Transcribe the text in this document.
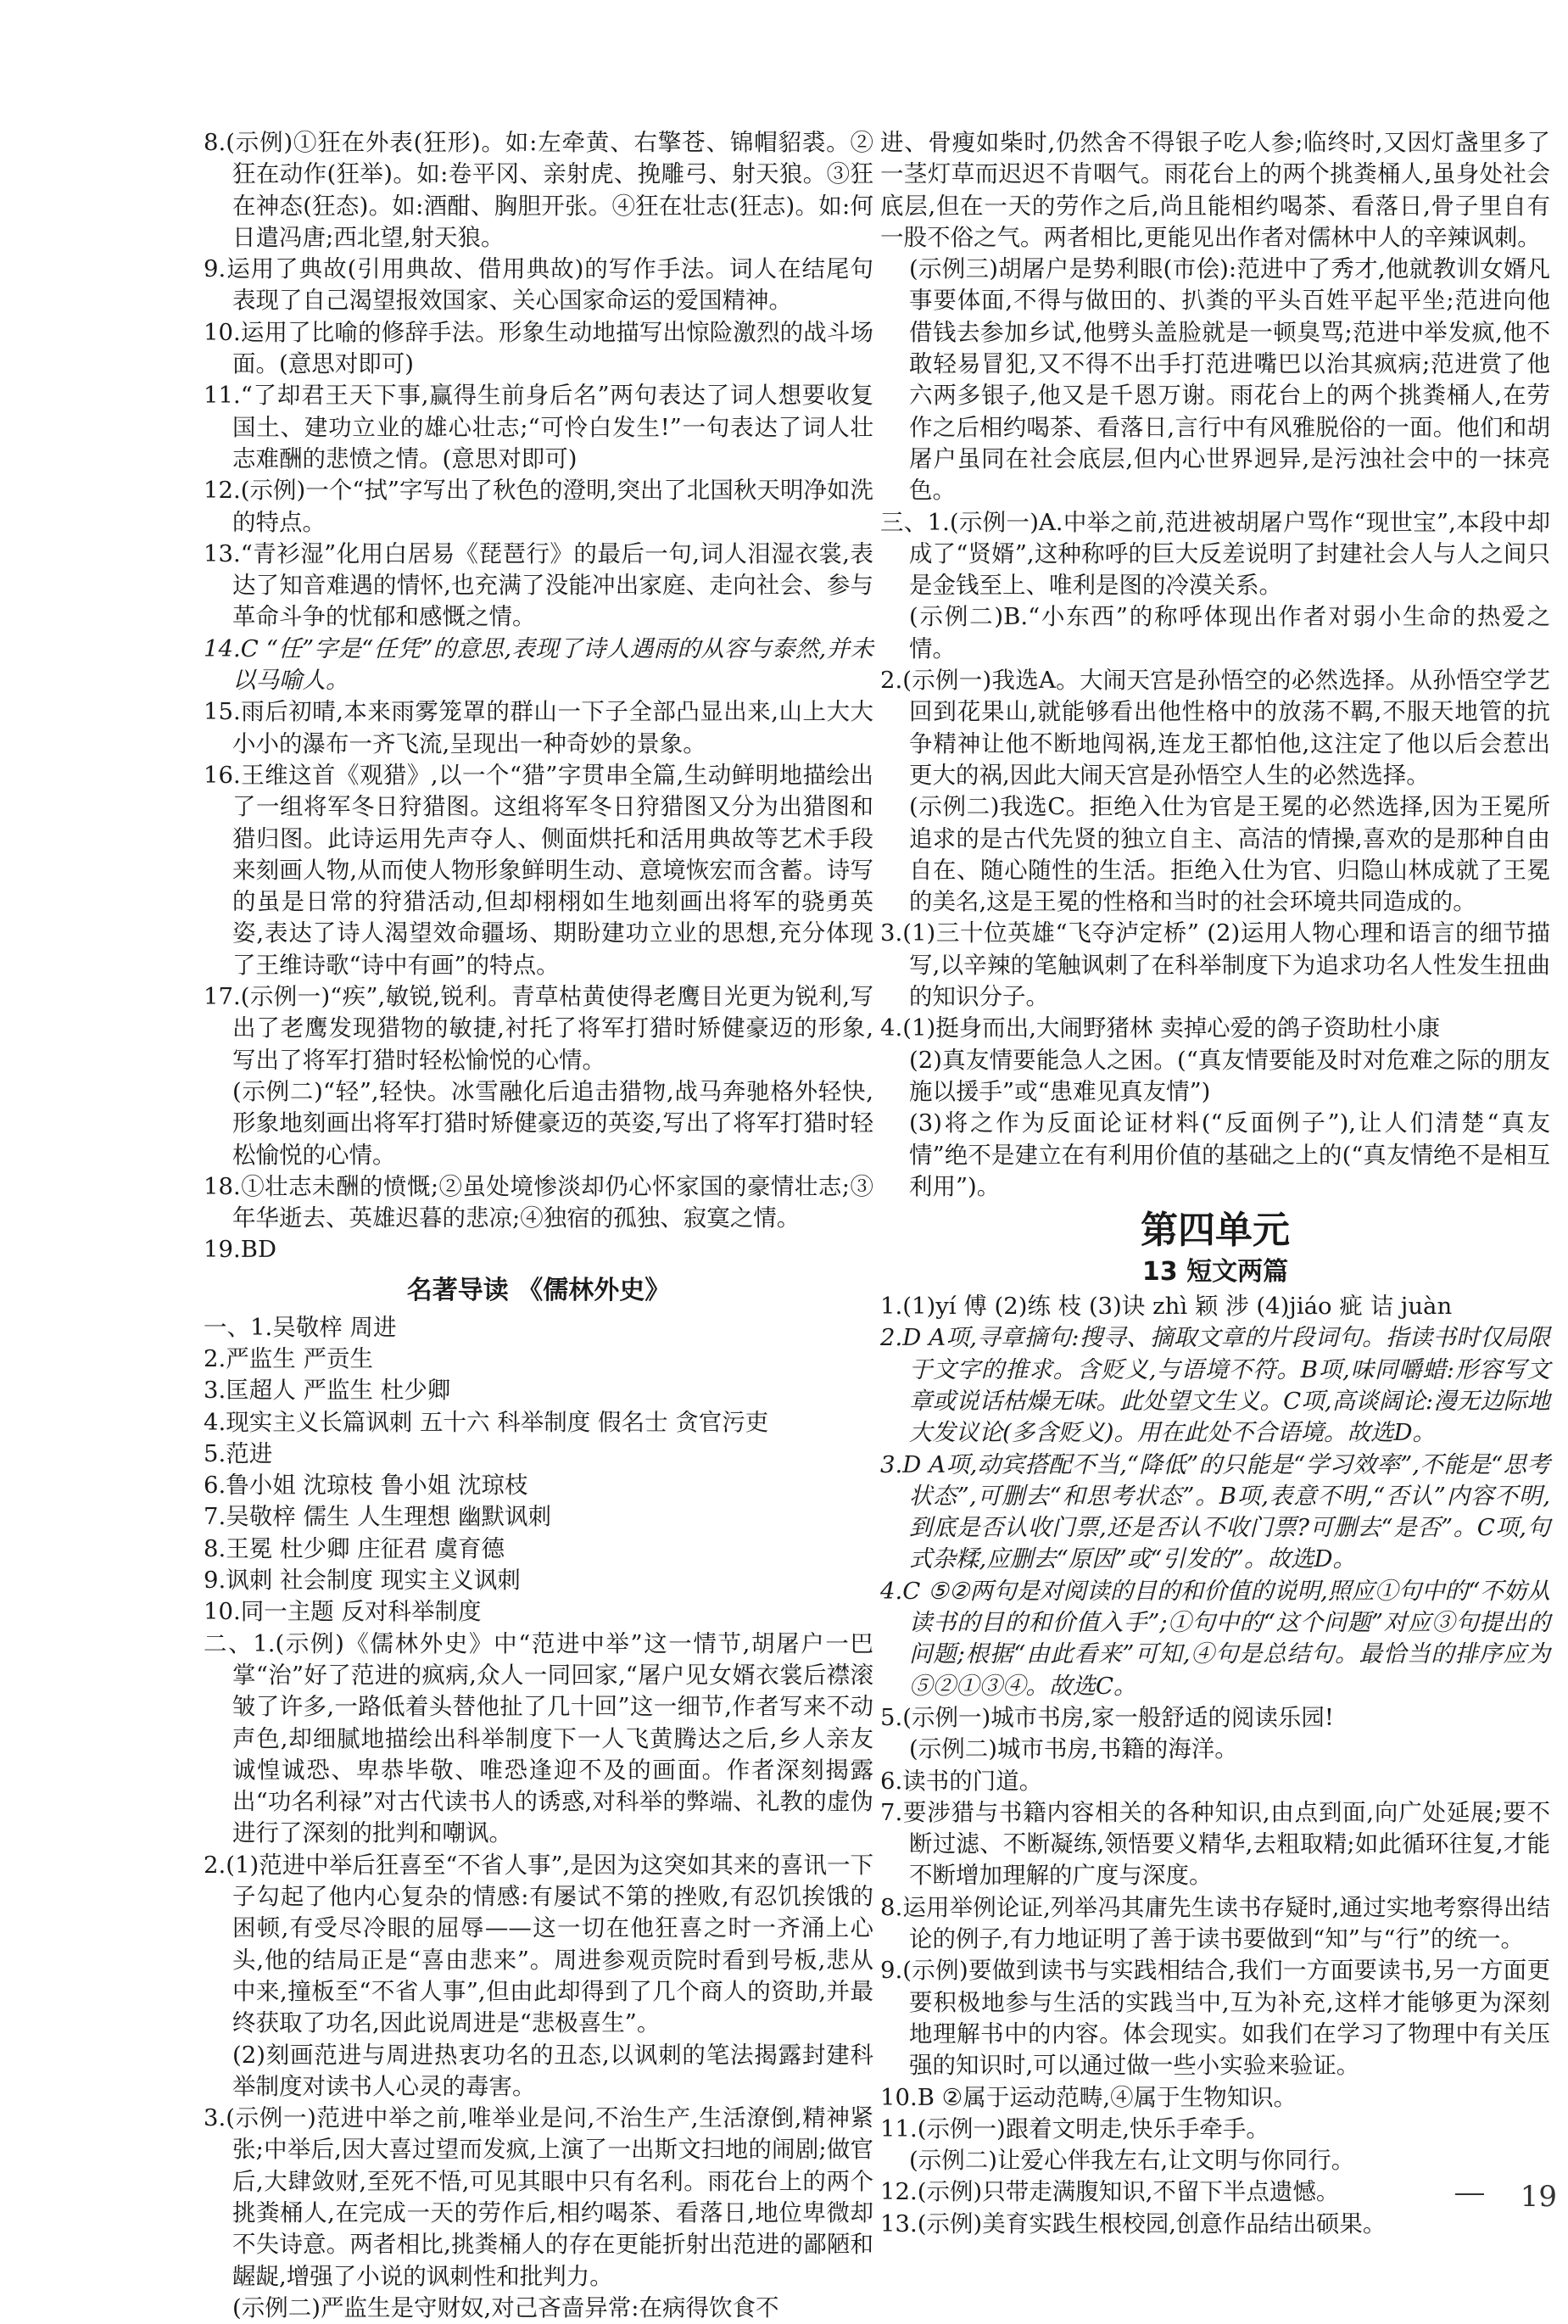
8.(示例)①狂在外表(狂形)。如:左牵黄、右擎苍、锦帽貂裘。②狂在动作(狂举)。如:卷平冈、亲射虎、挽雕弓、射天狼。③狂在神态(狂态)。如:酒酣、胸胆开张。④狂在壮志(狂志)。如:何日遣冯唐;西北望,射天狼。

9.运用了典故(引用典故、借用典故)的写作手法。词人在结尾句表现了自己渴望报效国家、关心国家命运的爱国精神。

10.运用了比喻的修辞手法。形象生动地描写出惊险激烈的战斗场面。(意思对即可)

11.“了却君王天下事,赢得生前身后名”两句表达了词人想要收复国土、建功立业的雄心壮志;“可怜白发生!”一句表达了词人壮志难酬的悲愤之情。(意思对即可)

12.(示例)一个“拭”字写出了秋色的澄明,突出了北国秋天明净如洗的特点。

13.“青衫湿”化用白居易《琵琶行》的最后一句,词人泪湿衣裳,表达了知音难遇的情怀,也充满了没能冲出家庭、走向社会、参与革命斗争的忧郁和感慨之情。

14.C “任”字是“任凭”的意思,表现了诗人遇雨的从容与泰然,并未以马喻人。

15.雨后初晴,本来雨雾笼罩的群山一下子全部凸显出来,山上大大小小的瀑布一齐飞流,呈现出一种奇妙的景象。

16.王维这首《观猎》,以一个“猎”字贯串全篇,生动鲜明地描绘出了一组将军冬日狩猎图。这组将军冬日狩猎图又分为出猎图和猎归图。此诗运用先声夺人、侧面烘托和活用典故等艺术手段来刻画人物,从而使人物形象鲜明生动、意境恢宏而含蓄。诗写的虽是日常的狩猎活动,但却栩栩如生地刻画出将军的骁勇英姿,表达了诗人渴望效命疆场、期盼建功立业的思想,充分体现了王维诗歌“诗中有画”的特点。

17.(示例一)“疾”,敏锐,锐利。青草枯黄使得老鹰目光更为锐利,写出了老鹰发现猎物的敏捷,衬托了将军打猎时矫健豪迈的形象,写出了将军打猎时轻松愉悦的心情。

(示例二)“轻”,轻快。冰雪融化后追击猎物,战马奔驰格外轻快,形象地刻画出将军打猎时矫健豪迈的英姿,写出了将军打猎时轻松愉悦的心情。

18.①壮志未酬的愤慨;②虽处境惨淡却仍心怀家国的豪情壮志;③年华逝去、英雄迟暮的悲凉;④独宿的孤独、寂寞之情。

19.BD

名著导读 《儒林外史》

一、1.吴敬梓 周进

2.严监生 严贡生

3.匡超人 严监生 杜少卿

4.现实主义长篇讽刺 五十六 科举制度 假名士 贪官污吏

5.范进

6.鲁小姐 沈琼枝 鲁小姐 沈琼枝

7.吴敬梓 儒生 人生理想 幽默讽刺

8.王冕 杜少卿 庄征君 虞育德

9.讽刺 社会制度 现实主义讽刺

10.同一主题 反对科举制度

二、1.(示例)《儒林外史》中“范进中举”这一情节,胡屠户一巴掌“治”好了范进的疯病,众人一同回家,“屠户见女婿衣裳后襟滚皱了许多,一路低着头替他扯了几十回”这一细节,作者写来不动声色,却细腻地描绘出科举制度下一人飞黄腾达之后,乡人亲友诚惶诚恐、卑恭毕敬、唯恐逢迎不及的画面。作者深刻揭露出“功名利禄”对古代读书人的诱惑,对科举的弊端、礼教的虚伪进行了深刻的批判和嘲讽。

2.(1)范进中举后狂喜至“不省人事”,是因为这突如其来的喜讯一下子勾起了他内心复杂的情感:有屡试不第的挫败,有忍饥挨饿的困顿,有受尽冷眼的屈辱——这一切在他狂喜之时一齐涌上心头,他的结局正是“喜由悲来”。周进参观贡院时看到号板,悲从中来,撞板至“不省人事”,但由此却得到了几个商人的资助,并最终获取了功名,因此说周进是“悲极喜生”。

(2)刻画范进与周进热衷功名的丑态,以讽刺的笔法揭露封建科举制度对读书人心灵的毒害。

3.(示例一)范进中举之前,唯举业是问,不治生产,生活潦倒,精神紧张;中举后,因大喜过望而发疯,上演了一出斯文扫地的闹剧;做官后,大肆敛财,至死不悟,可见其眼中只有名利。雨花台上的两个挑粪桶人,在完成一天的劳作后,相约喝茶、看落日,地位卑微却不失诗意。两者相比,挑粪桶人的存在更能折射出范进的鄙陋和龌龊,增强了小说的讽刺性和批判力。

(示例二)严监生是守财奴,对己吝啬异常:在病得饮食不

进、骨瘦如柴时,仍然舍不得银子吃人参;临终时,又因灯盏里多了一茎灯草而迟迟不肯咽气。雨花台上的两个挑粪桶人,虽身处社会底层,但在一天的劳作之后,尚且能相约喝茶、看落日,骨子里自有一股不俗之气。两者相比,更能见出作者对儒林中人的辛辣讽刺。

(示例三)胡屠户是势利眼(市侩):范进中了秀才,他就教训女婿凡事要体面,不得与做田的、扒粪的平头百姓平起平坐;范进向他借钱去参加乡试,他劈头盖脸就是一顿臭骂;范进中举发疯,他不敢轻易冒犯,又不得不出手打范进嘴巴以治其疯病;范进赏了他六两多银子,他又是千恩万谢。雨花台上的两个挑粪桶人,在劳作之后相约喝茶、看落日,言行中有风雅脱俗的一面。他们和胡屠户虽同在社会底层,但内心世界迥异,是污浊社会中的一抹亮色。

三、1.(示例一)A.中举之前,范进被胡屠户骂作“现世宝”,本段中却成了“贤婿”,这种称呼的巨大反差说明了封建社会人与人之间只是金钱至上、唯利是图的冷漠关系。

(示例二)B.“小东西”的称呼体现出作者对弱小生命的热爱之情。

2.(示例一)我选A。大闹天宫是孙悟空的必然选择。从孙悟空学艺回到花果山,就能够看出他性格中的放荡不羁,不服天地管的抗争精神让他不断地闯祸,连龙王都怕他,这注定了他以后会惹出更大的祸,因此大闹天宫是孙悟空人生的必然选择。

(示例二)我选C。拒绝入仕为官是王冕的必然选择,因为王冕所追求的是古代先贤的独立自主、高洁的情操,喜欢的是那种自由自在、随心随性的生活。拒绝入仕为官、归隐山林成就了王冕的美名,这是王冕的性格和当时的社会环境共同造成的。

3.(1)三十位英雄“飞夺泸定桥” (2)运用人物心理和语言的细节描写,以辛辣的笔触讽刺了在科举制度下为追求功名人性发生扭曲的知识分子。

4.(1)挺身而出,大闹野猪林 卖掉心爱的鸽子资助杜小康

(2)真友情要能急人之困。(“真友情要能及时对危难之际的朋友施以援手”或“患难见真友情”)

(3)将之作为反面论证材料(“反面例子”),让人们清楚“真友情”绝不是建立在有利用价值的基础之上的(“真友情绝不是相互利用”)。

第四单元
13 短文两篇

1.(1)yí 傅 (2)练 枝 (3)诀 zhì 颖 涉 (4)jiáo 疵 诘 juàn

2.D A项,寻章摘句:搜寻、摘取文章的片段词句。指读书时仅局限于文字的推求。含贬义,与语境不符。B项,味同嚼蜡:形容写文章或说话枯燥无味。此处望文生义。C项,高谈阔论:漫无边际地大发议论(多含贬义)。用在此处不合语境。故选D。

3.D A项,动宾搭配不当,“降低”的只能是“学习效率”,不能是“思考状态”,可删去“和思考状态”。B项,表意不明,“否认”内容不明,到底是否认收门票,还是否认不收门票?可删去“是否”。C项,句式杂糅,应删去“原因”或“引发的”。故选D。

4.C ⑤②两句是对阅读的目的和价值的说明,照应①句中的“不妨从读书的目的和价值入手”;①句中的“这个问题”对应③句提出的问题;根据“由此看来”可知,④句是总结句。最恰当的排序应为⑤②①③④。故选C。

5.(示例一)城市书房,家一般舒适的阅读乐园!

(示例二)城市书房,书籍的海洋。

6.读书的门道。

7.要涉猎与书籍内容相关的各种知识,由点到面,向广处延展;要不断过滤、不断凝练,领悟要义精华,去粗取精;如此循环往复,才能不断增加理解的广度与深度。

8.运用举例论证,列举冯其庸先生读书存疑时,通过实地考察得出结论的例子,有力地证明了善于读书要做到“知”与“行”的统一。

9.(示例)要做到读书与实践相结合,我们一方面要读书,另一方面更要积极地参与生活的实践当中,互为补充,这样才能够更为深刻地理解书中的内容。体会现实。如我们在学习了物理中有关压强的知识时,可以通过做一些小实验来验证。

10.B ②属于运动范畴,④属于生物知识。

11.(示例一)跟着文明走,快乐手牵手。

(示例二)让爱心伴我左右,让文明与你同行。

12.(示例)只带走满腹知识,不留下半点遗憾。

13.(示例)美育实践生根校园,创意作品结出硕果。

19
